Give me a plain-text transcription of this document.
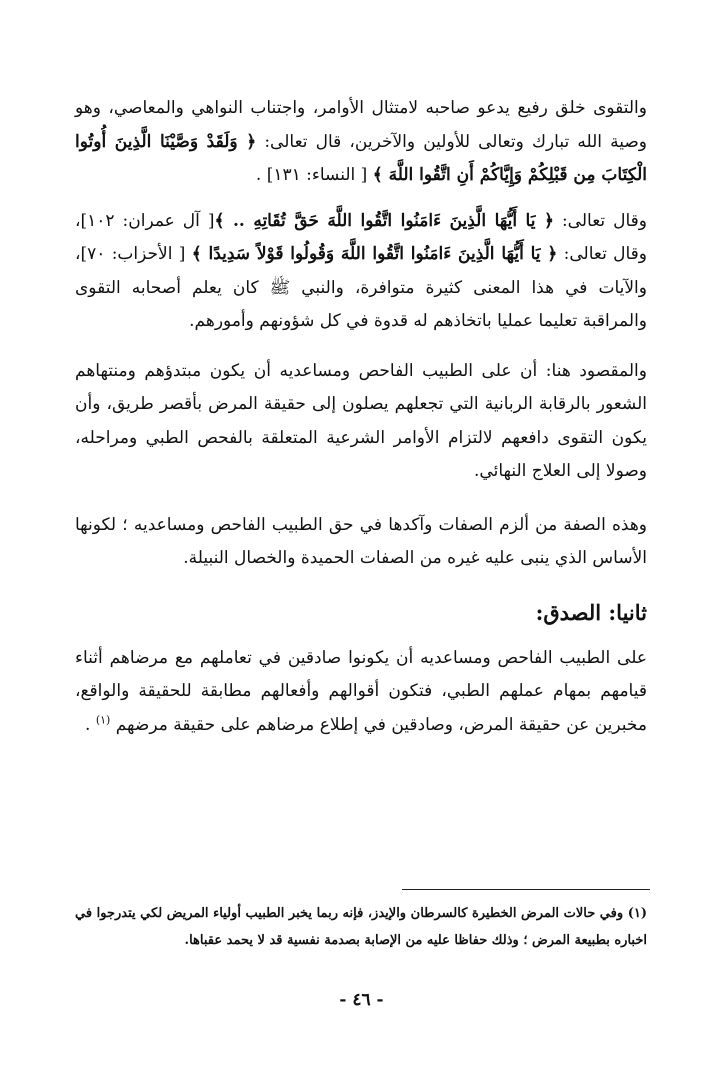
والتقوى خلق رفيع يدعو صاحبه لامتثال الأوامر، واجتناب النواهي والمعاصي، وهو وصية الله تبارك وتعالى للأولين والآخرين، قال تعالى: ﴿ وَلَقَدْ وَصَّيْنَا الَّذِينَ أُوتُوا الْكِتَابَ مِن قَبْلِكُمْ وَإِيَّاكُمْ أَنِ اتَّقُوا اللَّهَ ﴾ [ النساء: ١٣١] .

وقال تعالى: ﴿ يَا أَيُّهَا الَّذِينَ ءَامَنُوا اتَّقُوا اللَّهَ حَقَّ تُقَاتِهِ .. ﴾[ آل عمران: ١٠٢]، وقال تعالى: ﴿ يَا أَيُّهَا الَّذِينَ ءَامَنُوا اتَّقُوا اللَّهَ وَقُولُوا قَوْلاً سَدِيدًا ﴾ [ الأحزاب: ٧٠]، والآيات في هذا المعنى كثيرة متوافرة، والنبي ﷺ كان يعلم أصحابه التقوى والمراقبة تعليما عمليا باتخاذهم له قدوة في كل شؤونهم وأمورهم.

والمقصود هنا: أن على الطبيب الفاحص ومساعديه أن يكون مبتدؤهم ومنتهاهم الشعور بالرقابة الربانية التي تجعلهم يصلون إلى حقيقة المرض بأقصر طريق، وأن يكون التقوى دافعهم لالتزام الأوامر الشرعية المتعلقة بالفحص الطبي ومراحله، وصولا إلى العلاج النهائي.

وهذه الصفة من ألزم الصفات وآكدها في حق الطبيب الفاحص ومساعديه ؛ لكونها الأساس الذي ينبى عليه غيره من الصفات الحميدة والخصال النبيلة.

ثانيا: الصدق:

على الطبيب الفاحص ومساعديه أن يكونوا صادقين في تعاملهم مع مرضاهم أثناء قيامهم بمهام عملهم الطبي، فتكون أقوالهم وأفعالهم مطابقة للحقيقة والواقع، مخبرين عن حقيقة المرض، وصادقين في إطلاع مرضاهم على حقيقة مرضهم $^{(١)}$ .

(١) وفي حالات المرض الخطيرة كالسرطان والإيدز، فإنه ربما يخبر الطبيب أولياء المريض لكي يتدرجوا في اخباره بطبيعة المرض ؛ وذلك حفاظا عليه من الإصابة بصدمة نفسية قد لا يحمد عقباها.

- ٤٦ -
